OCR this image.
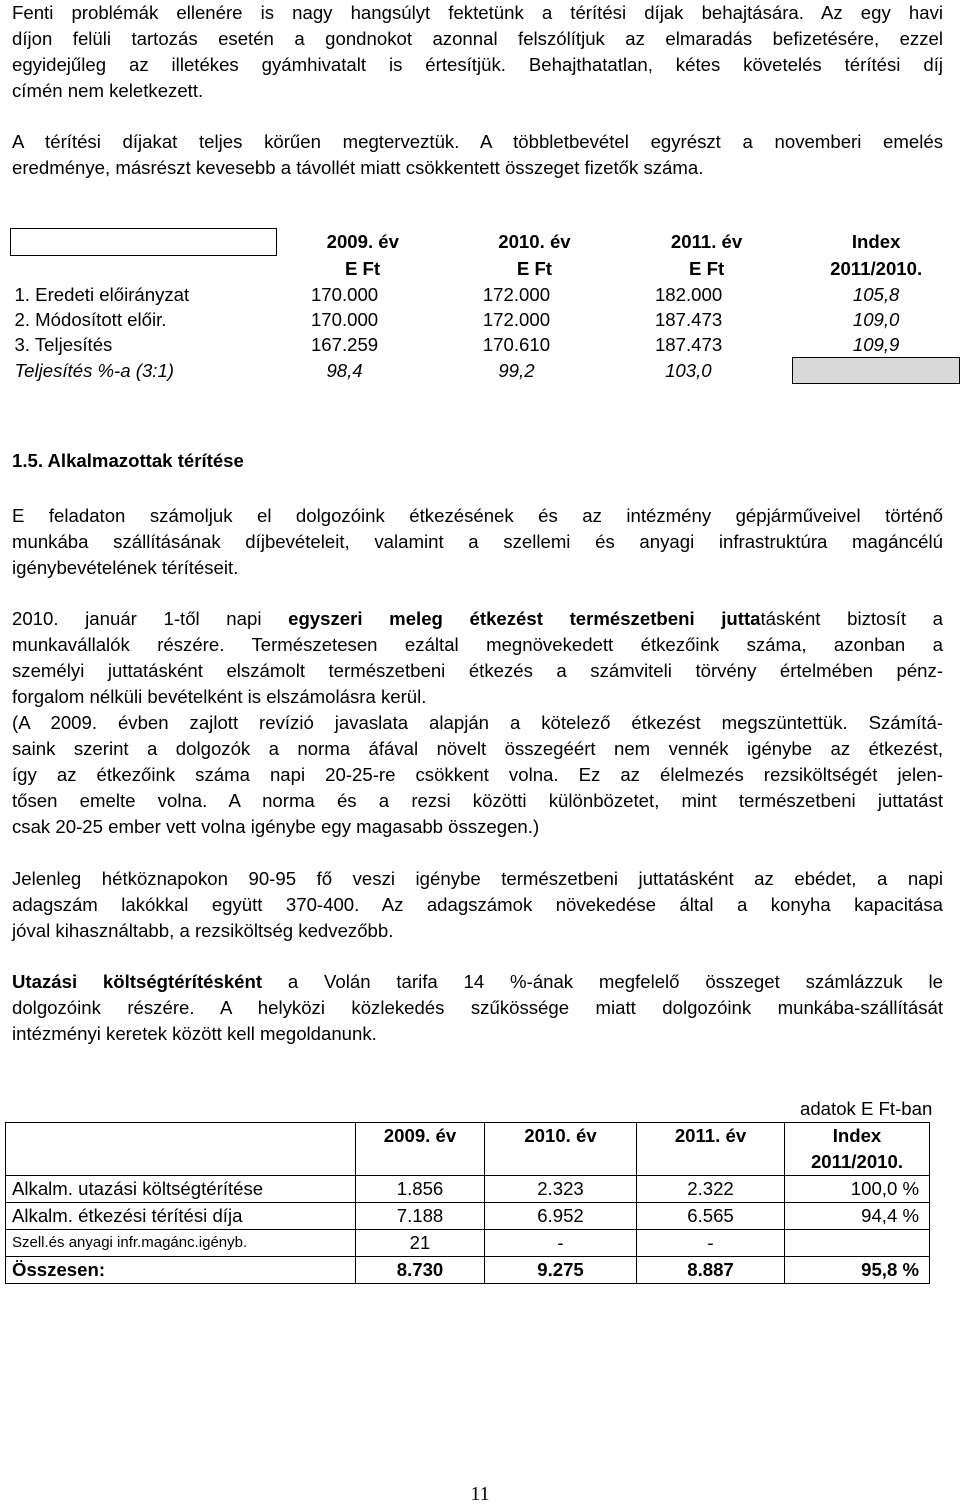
Fenti problémák ellenére is nagy hangsúlyt fektetünk a térítési díjak behajtására. Az egy havi
díjon felüli tartozás esetén a gondnokot azonnal felszólítjuk az elmaradás befizetésére, ezzel
egyidejűleg az illetékes gyámhivatalt is értesítjük. Behajthatatlan, kétes követelés térítési díj
címén nem keletkezett.

A térítési díjakat teljes körűen megterveztük. A többletbevétel egyrészt a novemberi emelés
eredménye, másrészt kevesebb a távollét miatt csökkentett összeget fizetők száma.

	2009. év	2010. év	2011. év	Index
	E Ft	E Ft	E Ft	2011/2010.
1. Eredeti előirányzat	170.000	172.000	182.000	105,8
2. Módosított előir.	170.000	172.000	187.473	109,0
3. Teljesítés	167.259	170.610	187.473	109,9
Teljesítés %-a (3:1)	98,4	99,2	103,0	

1.5. Alkalmazottak térítése

E feladaton számoljuk el dolgozóink étkezésének és az intézmény gépjárműveivel történő
munkába szállításának díjbevételeit, valamint a szellemi és anyagi infrastruktúra magáncélú
igénybevételének térítéseit.

2010. január 1-től napi egyszeri meleg étkezést természetbeni juttatásként biztosít a
munkavállalók részére. Természetesen ezáltal megnövekedett étkezőink száma, azonban a
személyi juttatásként elszámolt természetbeni étkezés a számviteli törvény értelmében pénz-
forgalom nélküli bevételként is elszámolásra kerül.
(A 2009. évben zajlott revízió javaslata alapján a kötelező étkezést megszüntettük. Számítá-
saink szerint a dolgozók a norma áfával növelt összegéért nem vennék igénybe az étkezést,
így az étkezőink száma napi 20-25-re csökkent volna. Ez az élelmezés rezsiköltségét jelen-
tősen emelte volna. A norma és a rezsi közötti különbözetet, mint természetbeni juttatást
csak 20-25 ember vett volna igénybe egy magasabb összegen.)

Jelenleg hétköznapokon 90-95 fő veszi igénybe természetbeni juttatásként az ebédet, a napi
adagszám lakókkal együtt 370-400. Az adagszámok növekedése által a konyha kapacitása
jóval kihasználtabb, a rezsiköltség kedvezőbb.

Utazási költségtérítésként a Volán tarifa 14 %-ának megfelelő összeget számlázzuk le
dolgozóink részére. A helyközi közlekedés szűkössége miatt dolgozóink munkába-szállítását
intézményi keretek között kell megoldanunk.

adatok E Ft-ban
	2009. év	2010. év	2011. év	Index
2011/2010.

Alkalm. utazási költségtérítése	1.856	2.323	2.322	100,0 %
Alkalm. étkezési térítési díja	7.188	6.952	6.565	94,4 %
Szell.és anyagi infr.magánc.igényb.	21	-	-	
Összesen:	8.730	9.275	8.887	95,8 %
11
